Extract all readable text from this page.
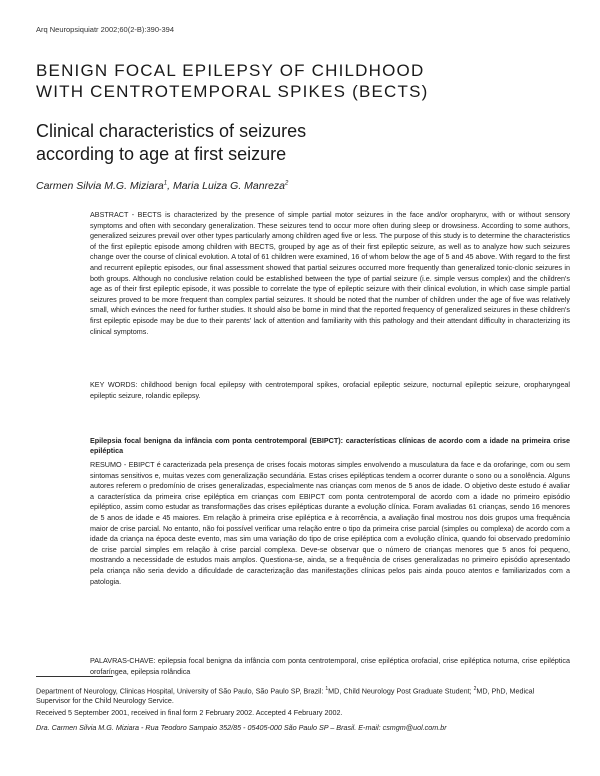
Arq Neuropsiquiatr 2002;60(2-B):390-394
BENIGN FOCAL EPILEPSY OF CHILDHOOD
WITH CENTROTEMPORAL SPIKES (BECTS)
Clinical characteristics of seizures
according to age at first seizure
Carmen Silvia M.G. Miziara$^1$, Maria Luiza G. Manreza$^2$

ABSTRACT - BECTS is characterized by the presence of simple partial motor seizures in the face and/or oropharynx, with or without sensory symptoms and often with secondary generalization. These seizures tend to occur more often during sleep or drowsiness. According to some authors, generalized seizures prevail over other types particularly among children aged five or less. The purpose of this study is to determine the characteristics of the first epileptic episode among children with BECTS, grouped by age as of their first epileptic seizure, as well as to analyze how such seizures change over the course of clinical evolution. A total of 61 children were examined, 16 of whom below the age of 5 and 45 above. With regard to the first and recurrent epileptic episodes, our final assessment showed that partial seizures occurred more frequently than generalized tonic-clonic seizures in both groups. Although no conclusive relation could be established between the type of partial seizure (i.e. simple versus complex) and the children's age as of their first epileptic episode, it was possible to correlate the type of epileptic seizure with their clinical evolution, in which case simple partial seizures proved to be more frequent than complex partial seizures. It should be noted that the number of children under the age of five was relatively small, which evinces the need for further studies. It should also be borne in mind that the reported frequency of generalized seizures in these children's first epileptic episode may be due to their parents' lack of attention and familiarity with this pathology and their attendant difficulty in characterizing its clinical symptoms.

KEY WORDS: childhood benign focal epilepsy with centrotemporal spikes, orofacial epileptic seizure, nocturnal epileptic seizure, oropharyngeal epileptic seizure, rolandic epilepsy.

Epilepsia focal benigna da infância com ponta centrotemporal (EBIPCT): características clínicas de acordo com a idade na primeira crise epiléptica

RESUMO - EBIPCT é caracterizada pela presença de crises focais motoras simples envolvendo a musculatura da face e da orofaringe, com ou sem sintomas sensitivos e, muitas vezes com generalização secundária. Estas crises epilépticas tendem a ocorrer durante o sono ou a sonolência. Alguns autores referem o predomínio de crises generalizadas, especialmente nas crianças com menos de 5 anos de idade. O objetivo deste estudo é avaliar a característica da primeira crise epiléptica em crianças com EBIPCT com ponta centrotemporal de acordo com a idade no primeiro episódio epiléptico, assim como estudar as transformações das crises epilépticas durante a evolução clínica. Foram avaliadas 61 crianças, sendo 16 menores de 5 anos de idade e 45 maiores. Em relação à primeira crise epiléptica e à recorrência, a avaliação final mostrou nos dois grupos uma frequência maior de crise parcial. No entanto, não foi possível verificar uma relação entre o tipo da primeira crise parcial (simples ou complexa) de acordo com a idade da criança na época deste evento, mas sim uma variação do tipo de crise epiléptica com a evolução clínica, quando foi observado predomínio de crise parcial simples em relação à crise parcial complexa. Deve-se observar que o número de crianças menores que 5 anos foi pequeno, mostrando a necessidade de estudos mais amplos. Questiona-se, ainda, se a frequência de crises generalizadas no primeiro episódio apresentado pela criança não seria devido a dificuldade de caracterização das manifestações clínicas pelos pais ainda pouco atentos e familiarizados com a patologia.

PALAVRAS-CHAVE: epilepsia focal benigna da infância com ponta centrotemporal, crise epiléptica orofacial, crise epiléptica noturna, crise epiléptica orofaríngea, epilepsia rolândica

Department of Neurology, Clinicas Hospital, University of São Paulo, São Paulo SP, Brazil: $^1$MD, Child Neurology Post Graduate Student; $^2$MD, PhD, Medical Supervisor for the Child Neurology Service.
Received 5 September 2001, received in final form 2 February 2002. Accepted 4 February 2002.
Dra. Carmen Silvia M.G. Miziara - Rua Teodoro Sampaio 352/85 - 05405-000 São Paulo SP – Brasil. E-mail: csmgm@uol.com.br
